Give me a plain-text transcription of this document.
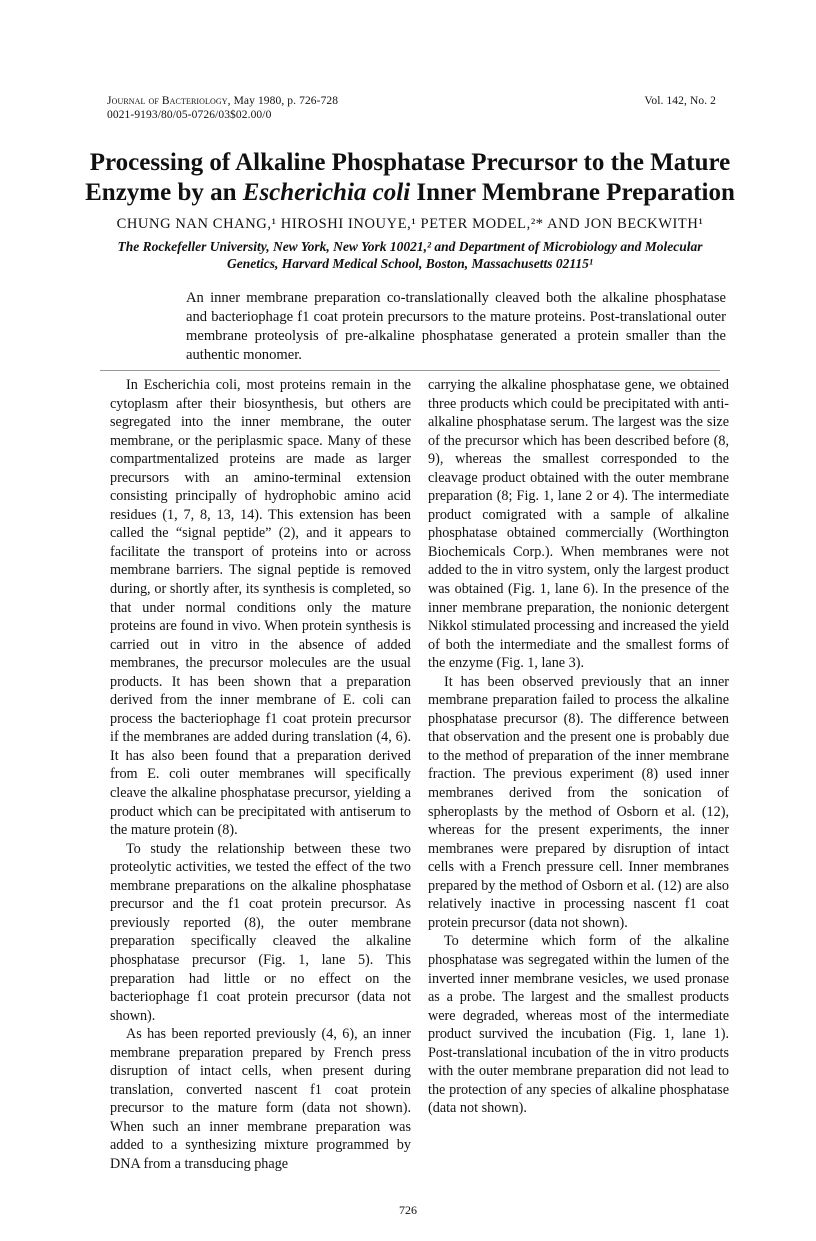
Journal of Bacteriology, May 1980, p. 726-728
0021-9193/80/05-0726/03$02.00/0
Vol. 142, No. 2
Processing of Alkaline Phosphatase Precursor to the Mature
Enzyme by an Escherichia coli Inner Membrane Preparation
CHUNG NAN CHANG,¹ HIROSHI INOUYE,¹ PETER MODEL,²* AND JON BECKWITH¹
The Rockefeller University, New York, New York 10021,² and Department of Microbiology and Molecular Genetics, Harvard Medical School, Boston, Massachusetts 02115¹
An inner membrane preparation co-translationally cleaved both the alkaline phosphatase and bacteriophage f1 coat protein precursors to the mature proteins. Post-translational outer membrane proteolysis of pre-alkaline phosphatase generated a protein smaller than the authentic monomer.

In Escherichia coli, most proteins remain in the cytoplasm after their biosynthesis, but others are segregated into the inner membrane, the outer membrane, or the periplasmic space. Many of these compartmentalized proteins are made as larger precursors with an amino-terminal extension consisting principally of hydrophobic amino acid residues (1, 7, 8, 13, 14). This extension has been called the “signal peptide” (2), and it appears to facilitate the transport of proteins into or across membrane barriers. The signal peptide is removed during, or shortly after, its synthesis is completed, so that under normal conditions only the mature proteins are found in vivo. When protein synthesis is carried out in vitro in the absence of added membranes, the precursor molecules are the usual products. It has been shown that a preparation derived from the inner membrane of E. coli can process the bacteriophage f1 coat protein precursor if the membranes are added during translation (4, 6). It has also been found that a preparation derived from E. coli outer membranes will specifically cleave the alkaline phosphatase precursor, yielding a product which can be precipitated with antiserum to the mature protein (8).

To study the relationship between these two proteolytic activities, we tested the effect of the two membrane preparations on the alkaline phosphatase precursor and the f1 coat protein precursor. As previously reported (8), the outer membrane preparation specifically cleaved the alkaline phosphatase precursor (Fig. 1, lane 5). This preparation had little or no effect on the bacteriophage f1 coat protein precursor (data not shown).

As has been reported previously (4, 6), an inner membrane preparation prepared by French press disruption of intact cells, when present during translation, converted nascent f1 coat protein precursor to the mature form (data not shown). When such an inner membrane preparation was added to a synthesizing mixture programmed by DNA from a transducing phage

carrying the alkaline phosphatase gene, we obtained three products which could be precipitated with anti-alkaline phosphatase serum. The largest was the size of the precursor which has been described before (8, 9), whereas the smallest corresponded to the cleavage product obtained with the outer membrane preparation (8; Fig. 1, lane 2 or 4). The intermediate product comigrated with a sample of alkaline phosphatase obtained commercially (Worthington Biochemicals Corp.). When membranes were not added to the in vitro system, only the largest product was obtained (Fig. 1, lane 6). In the presence of the inner membrane preparation, the nonionic detergent Nikkol stimulated processing and increased the yield of both the intermediate and the smallest forms of the enzyme (Fig. 1, lane 3).

It has been observed previously that an inner membrane preparation failed to process the alkaline phosphatase precursor (8). The difference between that observation and the present one is probably due to the method of preparation of the inner membrane fraction. The previous experiment (8) used inner membranes derived from the sonication of spheroplasts by the method of Osborn et al. (12), whereas for the present experiments, the inner membranes were prepared by disruption of intact cells with a French pressure cell. Inner membranes prepared by the method of Osborn et al. (12) are also relatively inactive in processing nascent f1 coat protein precursor (data not shown).

To determine which form of the alkaline phosphatase was segregated within the lumen of the inverted inner membrane vesicles, we used pronase as a probe. The largest and the smallest products were degraded, whereas most of the intermediate product survived the incubation (Fig. 1, lane 1). Post-translational incubation of the in vitro products with the outer membrane preparation did not lead to the protection of any species of alkaline phosphatase (data not shown).

726
